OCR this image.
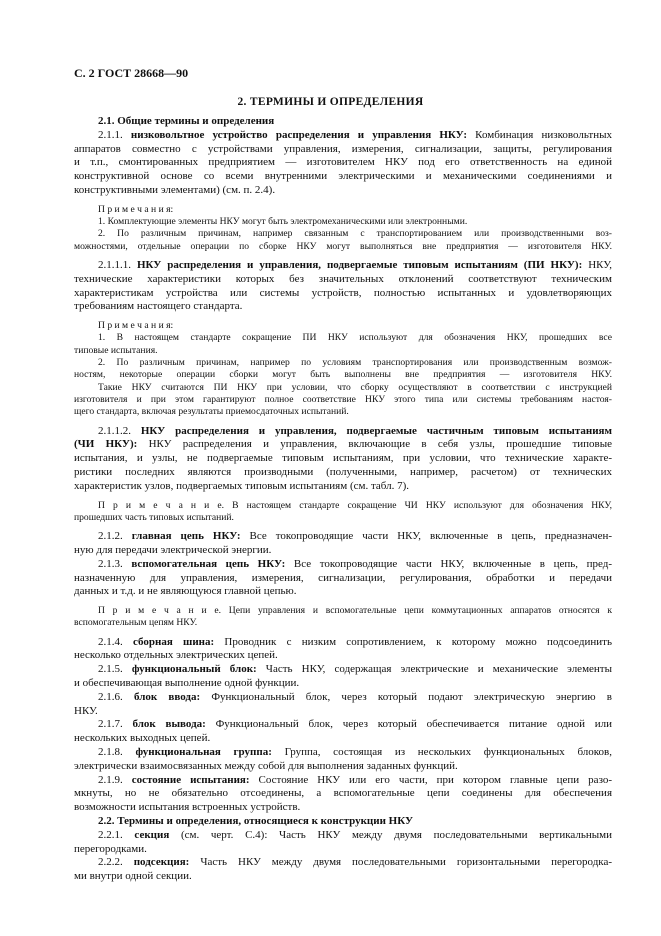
С. 2 ГОСТ 28668—90
2. ТЕРМИНЫ И ОПРЕДЕЛЕНИЯ
2.1. Общие термины и определения
2.1.1. низковольтное устройство распределения и управления НКУ: Комбинация низковольтных
аппаратов совместно с устройствами управления, измерения, сигнализации, защиты, регулирования
и т.п., смонтированных предприятием — изготовителем НКУ под его ответственность на единой
конструктивной основе со всеми внутренними электрическими и механическими соединениями и
конструктивными элементами) (см. п. 2.4).
П р и м е ч а н и я:
1. Комплектующие элементы НКУ могут быть электромеханическими или электронными.
2. По различным причинам, например связанным с транспортированием или производственными воз-
можностями, отдельные операции по сборке НКУ могут выполняться вне предприятия — изготовителя НКУ.
2.1.1.1. НКУ распределения и управления, подвергаемые типовым испытаниям (ПИ НКУ): НКУ,
технические характеристики которых без значительных отклонений соответствуют техническим
характеристикам устройства или системы устройств, полностью испытанных и удовлетворяющих
требованиям настоящего стандарта.
П р и м е ч а н и я:
1. В настоящем стандарте сокращение ПИ НКУ используют для обозначения НКУ, прошедших все
типовые испытания.
2. По различным причинам, например по условиям транспортирования или производственным возмож-
ностям, некоторые операции сборки могут быть выполнены вне предприятия — изготовителя НКУ.
Такие НКУ считаются ПИ НКУ при условии, что сборку осуществляют в соответствии с инструкцией
изготовителя и при этом гарантируют полное соответствие НКУ этого типа или системы требованиям настоя-
щего стандарта, включая результаты приемосдаточных испытаний.
2.1.1.2. НКУ распределения и управления, подвергаемые частичным типовым испытаниям
(ЧИ НКУ): НКУ распределения и управления, включающие в себя узлы, прошедшие типовые
испытания, и узлы, не подвергаемые типовым испытаниям, при условии, что технические характе-
ристики последних являются производными (полученными, например, расчетом) от технических
характеристик узлов, подвергаемых типовым испытаниям (см. табл. 7).
П р и м е ч а н и е. В настоящем стандарте сокращение ЧИ НКУ используют для обозначения НКУ,
прошедших часть типовых испытаний.
2.1.2. главная цепь НКУ: Все токопроводящие части НКУ, включенные в цепь, предназначен-
ную для передачи электрической энергии.
2.1.3. вспомогательная цепь НКУ: Все токопроводящие части НКУ, включенные в цепь, пред-
назначенную для управления, измерения, сигнализации, регулирования, обработки и передачи
данных и т.д. и не являющуюся главной цепью.
П р и м е ч а н и е. Цепи управления и вспомогательные цепи коммутационных аппаратов относятся к
вспомогательным цепям НКУ.
2.1.4. сборная шина: Проводник с низким сопротивлением, к которому можно подсоединить
несколько отдельных электрических цепей.
2.1.5. функциональный блок: Часть НКУ, содержащая электрические и механические элементы
и обеспечивающая выполнение одной функции.
2.1.6. блок ввода: Функциональный блок, через который подают электрическую энергию в
НКУ.
2.1.7. блок вывода: Функциональный блок, через который обеспечивается питание одной или
нескольких выходных цепей.
2.1.8. функциональная группа: Группа, состоящая из нескольких функциональных блоков,
электрически взаимосвязанных между собой для выполнения заданных функций.
2.1.9. состояние испытания: Состояние НКУ или его части, при котором главные цепи разо-
мкнуты, но не обязательно отсоединены, а вспомогательные цепи соединены для обеспечения
возможности испытания встроенных устройств.
2.2. Термины и определения, относящиеся к конструкции НКУ
2.2.1. секция (см. черт. С.4): Часть НКУ между двумя последовательными вертикальными
перегородками.
2.2.2. подсекция: Часть НКУ между двумя последовательными горизонтальными перегородка-
ми внутри одной секции.
